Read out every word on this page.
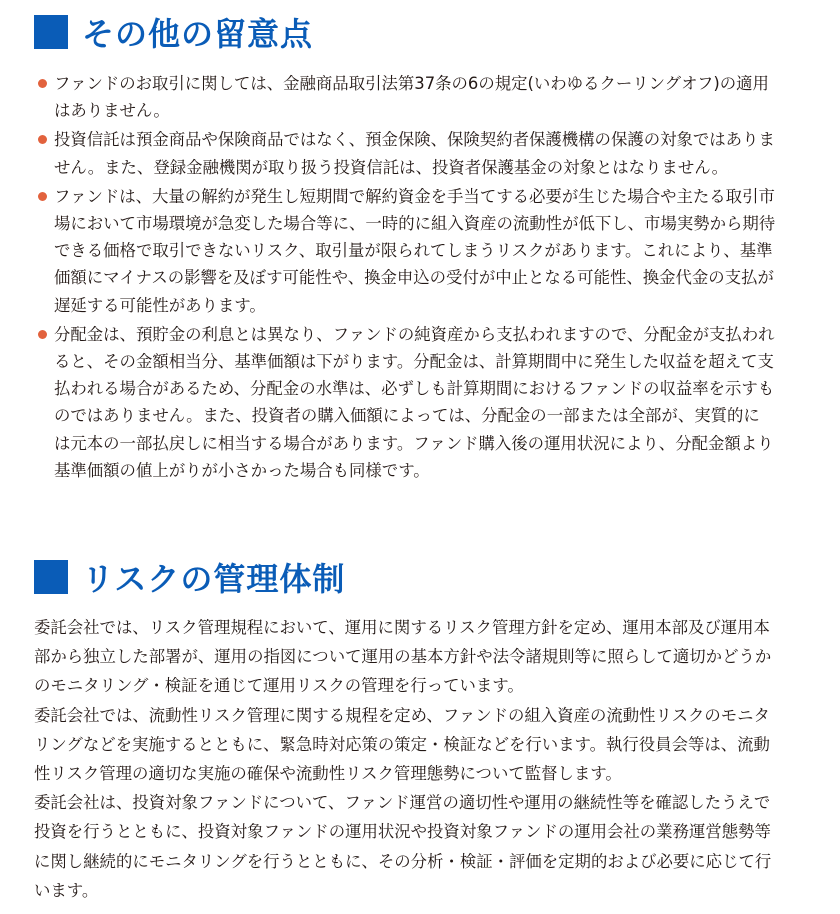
その他の留意点
ファンドのお取引に関しては、金融商品取引法第37条の6の規定(いわゆるクーリングオフ)の適用はありません。
投資信託は預金商品や保険商品ではなく、預金保険、保険契約者保護機構の保護の対象ではありません。また、登録金融機関が取り扱う投資信託は、投資者保護基金の対象とはなりません。
ファンドは、大量の解約が発生し短期間で解約資金を手当てする必要が生じた場合や主たる取引市場において市場環境が急変した場合等に、一時的に組入資産の流動性が低下し、市場実勢から期待できる価格で取引できないリスク、取引量が限られてしまうリスクがあります。これにより、基準価額にマイナスの影響を及ぼす可能性や、換金申込の受付が中止となる可能性、換金代金の支払が遅延する可能性があります。
分配金は、預貯金の利息とは異なり、ファンドの純資産から支払われますので、分配金が支払われると、その金額相当分、基準価額は下がります。分配金は、計算期間中に発生した収益を超えて支払われる場合があるため、分配金の水準は、必ずしも計算期間におけるファンドの収益率を示すものではありません。また、投資者の購入価額によっては、分配金の一部または全部が、実質的には元本の一部払戻しに相当する場合があります。ファンド購入後の運用状況により、分配金額より基準価額の値上がりが小さかった場合も同様です。
リスクの管理体制

委託会社では、リスク管理規程において、運用に関するリスク管理方針を定め、運用本部及び運用本部から独立した部署が、運用の指図について運用の基本方針や法令諸規則等に照らして適切かどうかのモニタリング・検証を通じて運用リスクの管理を行っています。

委託会社では、流動性リスク管理に関する規程を定め、ファンドの組入資産の流動性リスクのモニタリングなどを実施するとともに、緊急時対応策の策定・検証などを行います。執行役員会等は、流動性リスク管理の適切な実施の確保や流動性リスク管理態勢について監督します。

委託会社は、投資対象ファンドについて、ファンド運営の適切性や運用の継続性等を確認したうえで投資を行うとともに、投資対象ファンドの運用状況や投資対象ファンドの運用会社の業務運営態勢等に関し継続的にモニタリングを行うとともに、その分析・検証・評価を定期的および必要に応じて行います。
